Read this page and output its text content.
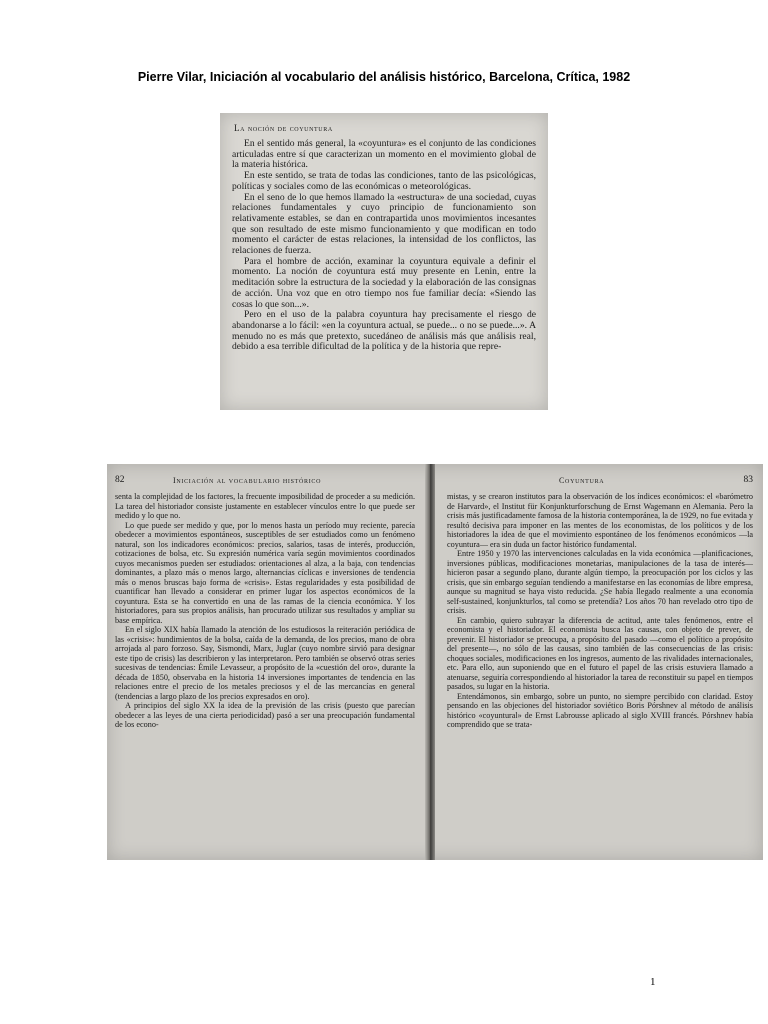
Pierre Vilar, Iniciación al vocabulario del análisis histórico, Barcelona, Crítica, 1982
La noción de coyuntura

En el sentido más general, la «coyuntura» es el conjunto de las condiciones articuladas entre sí que caracterizan un momento en el movimiento global de la materia histórica.

En este sentido, se trata de todas las condiciones, tanto de las psicológicas, políticas y sociales como de las económicas o meteorológicas.

En el seno de lo que hemos llamado la «estructura» de una sociedad, cuyas relaciones fundamentales y cuyo principio de funcionamiento son relativamente estables, se dan en contrapartida unos movimientos incesantes que son resultado de este mismo funcionamiento y que modifican en todo momento el carácter de estas relaciones, la intensidad de los conflictos, las relaciones de fuerza.

Para el hombre de acción, examinar la coyuntura equivale a definir el momento. La noción de coyuntura está muy presente en Lenin, entre la meditación sobre la estructura de la sociedad y la elaboración de las consignas de acción. Una voz que en otro tiempo nos fue familiar decía: «Siendo las cosas lo que son...».

Pero en el uso de la palabra coyuntura hay precisamente el riesgo de abandonarse a lo fácil: «en la coyuntura actual, se puede... o no se puede...». A menudo no es más que pretexto, sucedáneo de análisis más que análisis real, debido a esa terrible dificultad de la política y de la historia que repre-

82	Iniciación al vocabulario histórico

senta la complejidad de los factores, la frecuente imposibilidad de proceder a su medición. La tarea del historiador consiste justamente en establecer vínculos entre lo que puede ser medido y lo que no.

Lo que puede ser medido y que, por lo menos hasta un período muy reciente, parecía obedecer a movimientos espontáneos, susceptibles de ser estudiados como un fenómeno natural, son los indicadores económicos: precios, salarios, tasas de interés, producción, cotizaciones de bolsa, etc. Su expresión numérica varía según movimientos coordinados cuyos mecanismos pueden ser estudiados: orientaciones al alza, a la baja, con tendencias dominantes, a plazo más o menos largo, alternancias cíclicas e inversiones de tendencia más o menos bruscas bajo forma de «crisis». Estas regularidades y esta posibilidad de cuantificar han llevado a considerar en primer lugar los aspectos económicos de la coyuntura. Esta se ha convertido en una de las ramas de la ciencia económica. Y los historiadores, para sus propios análisis, han procurado utilizar sus resultados y ampliar su base empírica.

En el siglo XIX había llamado la atención de los estudiosos la reiteración periódica de las «crisis»: hundimientos de la bolsa, caída de la demanda, de los precios, mano de obra arrojada al paro forzoso. Say, Sismondi, Marx, Juglar (cuyo nombre sirvió para designar este tipo de crisis) las describieron y las interpretaron. Pero también se observó otras series sucesivas de tendencias: Émile Levasseur, a propósito de la «cuestión del oro», durante la década de 1850, observaba en la historia 14 inversiones importantes de tendencia en las relaciones entre el precio de los metales preciosos y el de las mercancías en general (tendencias a largo plazo de los precios expresados en oro).

A principios del siglo XX la idea de la previsión de las crisis (puesto que parecían obedecer a las leyes de una cierta periodicidad) pasó a ser una preocupación fundamental de los econo-

Coyuntura	83

mistas, y se crearon institutos para la observación de los índices económicos: el «barómetro de Harvard», el Institut für Konjunkturforschung de Ernst Wagemann en Alemania. Pero la crisis más justificadamente famosa de la historia contemporánea, la de 1929, no fue evitada y resultó decisiva para imponer en las mentes de los economistas, de los políticos y de los historiadores la idea de que el movimiento espontáneo de los fenómenos económicos —la coyuntura— era sin duda un factor histórico fundamental.

Entre 1950 y 1970 las intervenciones calculadas en la vida económica —planificaciones, inversiones públicas, modificaciones monetarias, manipulaciones de la tasa de interés— hicieron pasar a segundo plano, durante algún tiempo, la preocupación por los ciclos y las crisis, que sin embargo seguían tendiendo a manifestarse en las economías de libre empresa, aunque su magnitud se haya visto reducida. ¿Se había llegado realmente a una economía self-sustained, konjunkturlos, tal como se pretendía? Los años 70 han revelado otro tipo de crisis.

En cambio, quiero subrayar la diferencia de actitud, ante tales fenómenos, entre el economista y el historiador. El economista busca las causas, con objeto de prever, de prevenir. El historiador se preocupa, a propósito del pasado —como el político a propósito del presente—, no sólo de las causas, sino también de las consecuencias de las crisis: choques sociales, modificaciones en los ingresos, aumento de las rivalidades internacionales, etc. Para ello, aun suponiendo que en el futuro el papel de las crisis estuviera llamado a atenuarse, seguiría correspondiendo al historiador la tarea de reconstituir su papel en tiempos pasados, su lugar en la historia.

Entendámonos, sin embargo, sobre un punto, no siempre percibido con claridad. Estoy pensando en las objeciones del historiador soviético Boris Pórshnev al método de análisis histórico «coyuntural» de Ernst Labrousse aplicado al siglo XVIII francés. Pórshnev había comprendido que se trata-

1
